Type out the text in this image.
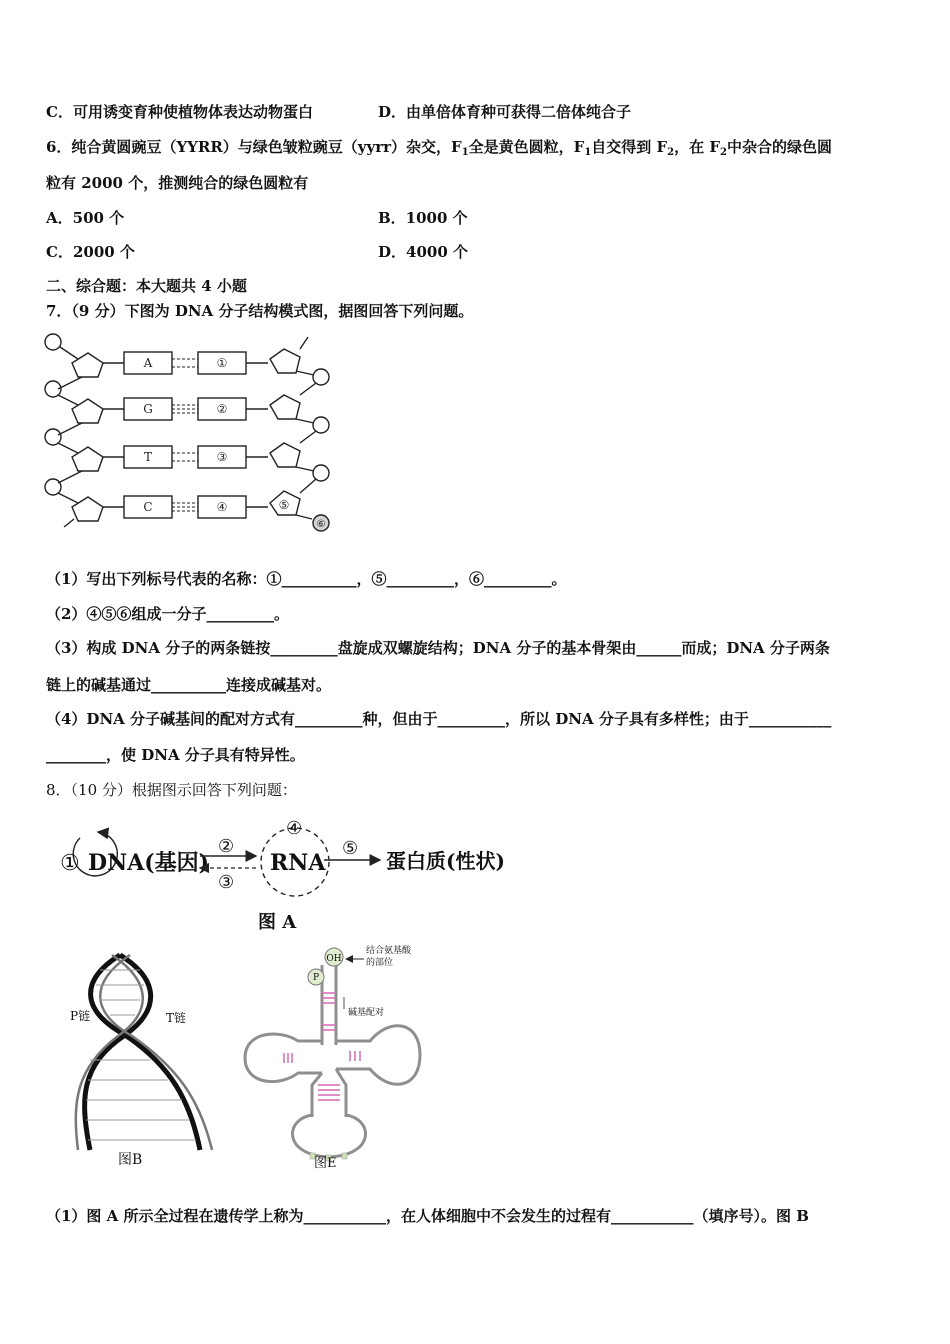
C．可用诱变育种使植物体表达动物蛋白	D．由单倍体育种可获得二倍体纯合子
6．纯合黄圆豌豆（YYRR）与绿色皱粒豌豆（yyrr）杂交，$F_1$全是黄色圆粒，$F_1$自交得到 $F_2$，在 $F_2$中杂合的绿色圆
粒有 2000 个，推测纯合的绿色圆粒有
A．500 个	B．1000 个
C．2000 个	D．4000 个
二、综合题：本大题共 4 小题
7．（9 分）下图为 DNA 分子结构模式图，据图回答下列问题。
A
G
T
C
①
②
③
④	⑤
⑥
（1）写出下列标号代表的名称：①__________，⑤_________，⑥_________。
（2）④⑤⑥组成一分子_________。
（3）构成 DNA 分子的两条链按_________盘旋成双螺旋结构；DNA 分子的基本骨架由______而成；DNA 分子两条
链上的碱基通过__________连接成碱基对。
（4）DNA 分子碱基间的配对方式有_________种，但由于_________，所以 DNA 分子具有多样性；由于___________
________，使 DNA 分子具有特异性。
8．（10 分）根据图示回答下列问题：
① DNA(基因)
②
③
④
RNA
⑤
蛋白质(性状)
图 A
P链	T链
图B
OH
P
结合氨基酸
的部位
碱基配对
图E
（1）图 A 所示全过程在遗传学上称为___________，在人体细胞中不会发生的过程有___________（填序号）。图 B
